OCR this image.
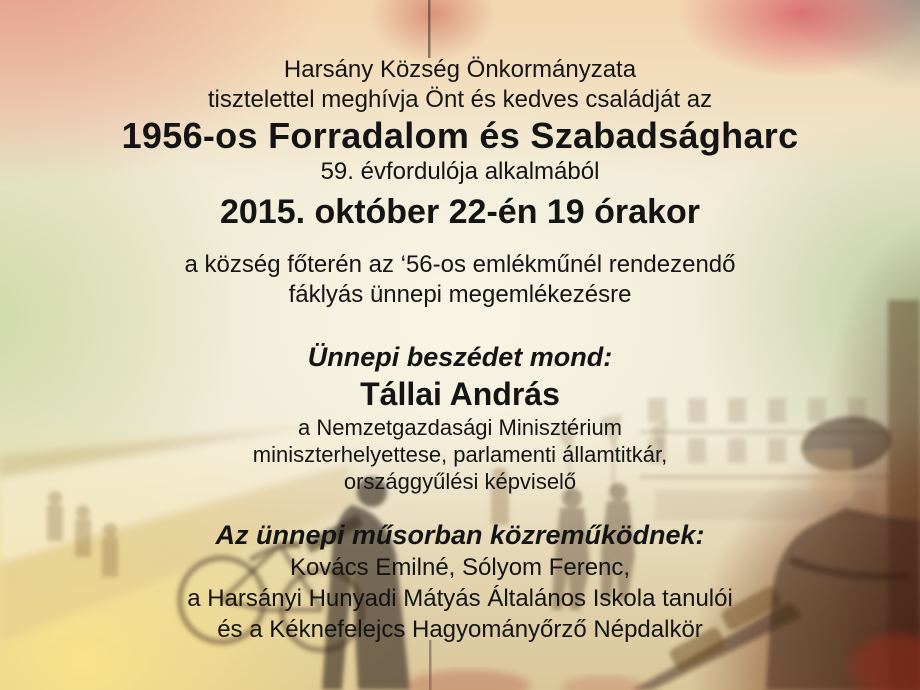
Harsány Község Önkormányzata
tisztelettel meghívja Önt és kedves családját az
1956-os Forradalom és Szabadságharc
59. évfordulója alkalmából
2015. október 22-én 19 órakor
a község főterén az ‘56-os emlékműnél rendezendő
fáklyás ünnepi megemlékezésre
Ünnepi beszédet mond:
Tállai András
a Nemzetgazdasági Minisztérium
miniszterhelyettese, parlamenti államtitkár,
országgyűlési képviselő
Az ünnepi műsorban közreműködnek:
Kovács Emilné, Sólyom Ferenc,
a Harsányi Hunyadi Mátyás Általános Iskola tanulói
és a Kéknefelejcs Hagyományőrző Népdalkör
